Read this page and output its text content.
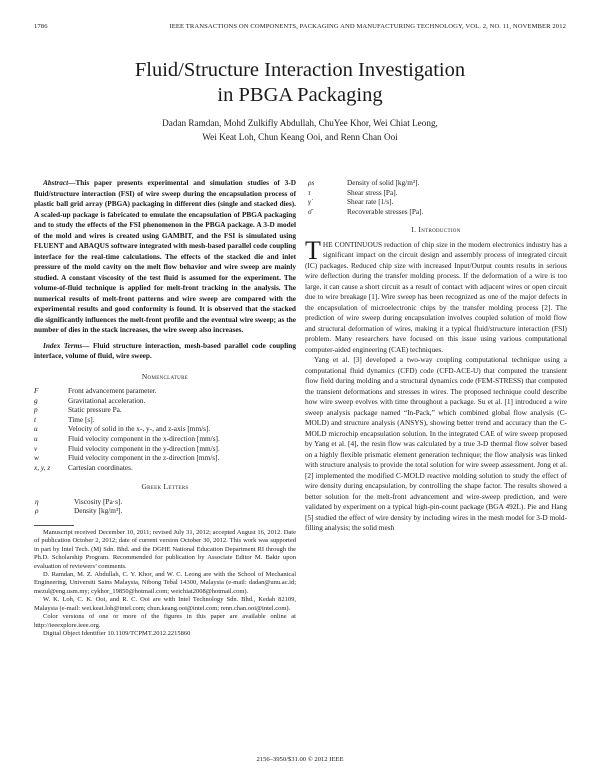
1786	IEEE TRANSACTIONS ON COMPONENTS, PACKAGING AND MANUFACTURING TECHNOLOGY, VOL. 2, NO. 11, NOVEMBER 2012
Fluid/Structure Interaction Investigation
in PBGA Packaging
Dadan Ramdan, Mohd Zulkifly Abdullah, ChuYee Khor, Wei Chiat Leong,
Wei Keat Loh, Chun Keang Ooi, and Renn Chan Ooi

Abstract—This paper presents experimental and simulation studies of 3-D fluid/structure interaction (FSI) of wire sweep during the encapsulation process of plastic ball grid array (PBGA) packaging in different dies (single and stacked dies). A scaled-up package is fabricated to emulate the encapsulation of PBGA packaging and to study the effects of the FSI phenomenon in the PBGA package. A 3-D model of the mold and wires is created using GAMBIT, and the FSI is simulated using FLUENT and ABAQUS software integrated with mesh-based parallel code coupling interface for the real-time calculations. The effects of the stacked die and inlet pressure of the mold cavity on the melt flow behavior and wire sweep are mainly studied. A constant viscosity of the test fluid is assumed for the experiment. The volume-of-fluid technique is applied for melt-front tracking in the analysis. The numerical results of melt-front patterns and wire sweep are compared with the experimental results and good conformity is found. It is observed that the stacked die significantly influences the melt-front profile and the eventual wire sweep; as the number of dies in the stack increases, the wire sweep also increases.

Index Terms— Fluid structure interaction, mesh-based parallel code coupling interface, volume of fluid, wire sweep.

Nomenclature
F	Front advancement parameter.
g⃗	Gravitational acceleration.
p	Static pressure Pa.
t	Time [s].
u⃗	Velocity of solid in the x-, y-, and z-axis [mm/s].
u	Fluid velocity component in the x-direction [mm/s].
v	Fluid velocity component in the y-direction [mm/s].
w	Fluid velocity component in the z-direction [mm/s].
x, y, z	Cartesian coordinates.
Greek Letters
η	Viscosity [Pa·s].
ρ	Density [kg/m³].

Manuscript received December 10, 2011; revised July 31, 2012; accepted August 16, 2012. Date of publication October 2, 2012; date of current version October 30, 2012. This work was supported in part by Intel Tech. (M) Sdn. Bhd. and the DGHE National Education Department RI through the Ph.D. Scholarship Program. Recommended for publication by Associate Editor M. Bakir upon evaluation of reviewers’ comments.

D. Ramdan, M. Z. Abdullah, C. Y. Khor, and W. C. Leong are with the School of Mechanical Engineering, Universiti Sains Malaysia, Nibong Tebal 14300, Malaysia (e-mail: dadan@unu.ac.id; mezul@eng.usm.my; cykhor_19850@hotmail.com; weichiat2008@hotmail.com).

W. K. Loh, C. K. Ooi, and R. C. Ooi are with Intel Technology Sdn. Bhd., Kedah 82109, Malaysia (e-mail: wei.keat.loh@intel.com; chun.keang.ooi@intel.com; renn.chan.ooi@intel.com).

Color versions of one or more of the figures in this paper are available online at http://ieeexplore.ieee.org.

Digital Object Identifier 10.1109/TCPMT.2012.2215860

ρs	Density of solid [kg/m³].
τ	Shear stress [Pa].
γ̇	Shear rate [1/s].
σ̄	Recoverable stresses [Pa].
I. Introduction

THE CONTINUOUS reduction of chip size in the modern electronics industry has a significant impact on the circuit design and assembly process of integrated circuit (IC) packages. Reduced chip size with increased Input/Output counts results in serious wire deflection during the transfer molding process. If the deformation of a wire is too large, it can cause a short circuit as a result of contact with adjacent wires or open circuit due to wire breakage [1]. Wire sweep has been recognized as one of the major defects in the encapsulation of microelectronic chips by the transfer molding process [2]. The prediction of wire sweep during encapsulation involves coupled solution of mold flow and structural deformation of wires, making it a typical fluid/structure interaction (FSI) problem. Many researchers have focused on this issue using various computational computer-aided engineering (CAE) techniques.

Yang et al. [3] developed a two-way coupling computational technique using a computational fluid dynamics (CFD) code (CFD-ACE-U) that computed the transient flow field during molding and a structural dynamics code (FEM-STRESS) that computed the transient deformations and stresses in wires. The proposed technique could describe how wire sweep evolves with time throughout a package. Su et al. [1] introduced a wire sweep analysis package named “In-Pack,” which combined global flow analysis (C-MOLD) and structure analysis (ANSYS), showing better trend and accuracy than the C-MOLD microchip encapsulation solution. In the integrated CAE of wire sweep proposed by Yang et al. [4], the resin flow was calculated by a true 3-D thermal flow solver based on a highly flexible prismatic element generation technique; the flow analysis was linked with structure analysis to provide the total solution for wire sweep assessment. Jong et al. [2] implemented the modified C-MOLD reactive molding solution to study the effect of wire density during encapsulation, by controlling the shape factor. The results showed a better solution for the melt-front advancement and wire-sweep prediction, and were validated by experiment on a typical high-pin-count package (BGA 492L). Pie and Hang [5] studied the effect of wire density by including wires in the mesh model for 3-D mold-filling analysis; the solid mesh

2156–3950/$31.00 © 2012 IEEE
